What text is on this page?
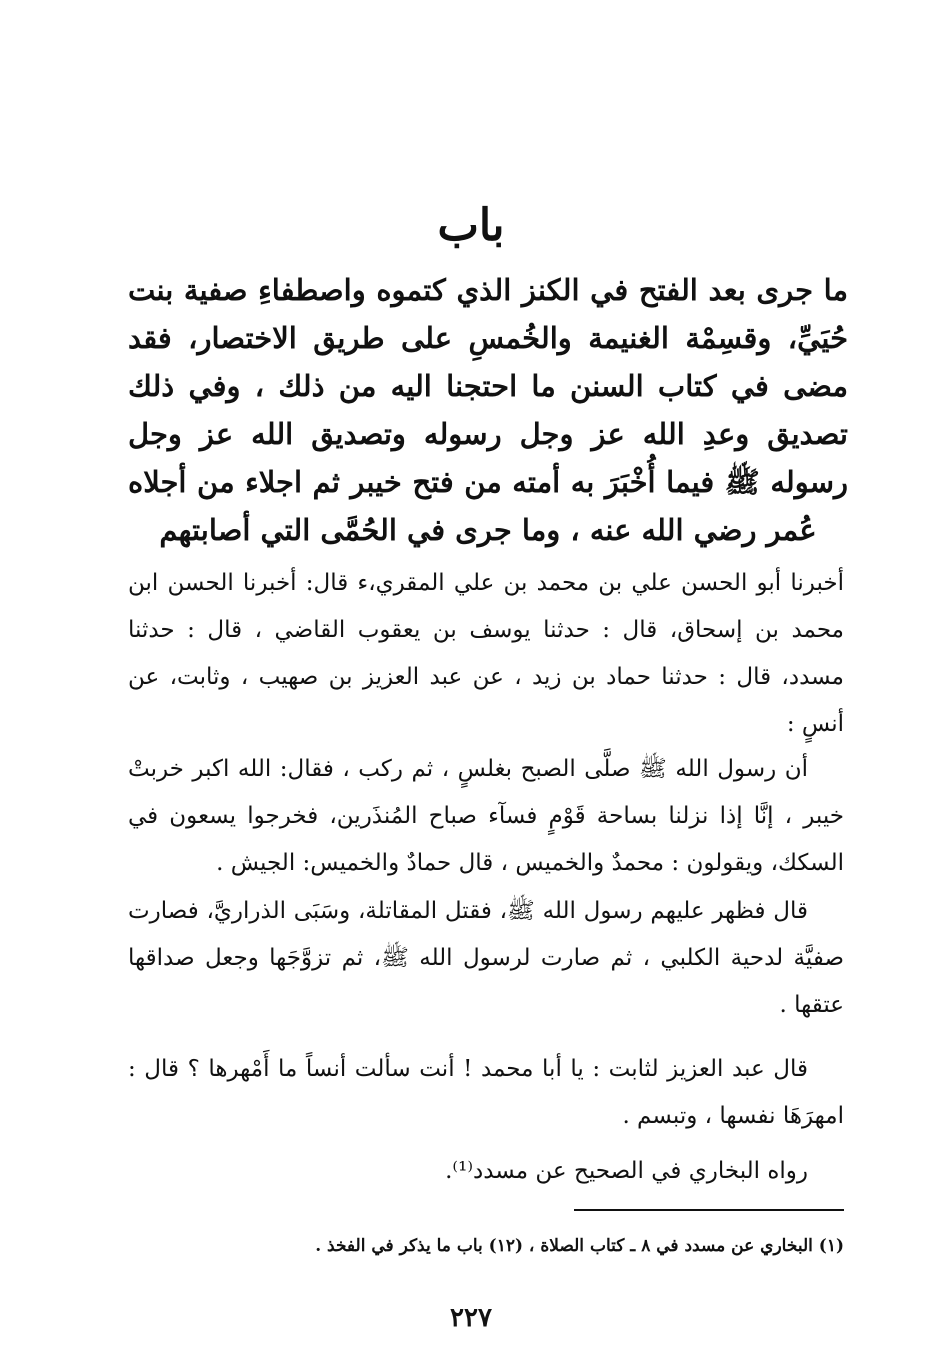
باب
ما جرى بعد الفتح في الكنز الذي كتموه واصطفاءِ صفية بنت حُيَيِّ، وقسِمْة الغنيمة والخُمسِ على طريق الاختصار، فقد مضى في كتاب السنن ما احتجنا اليه من ذلك ، وفي ذلك تصديق وعدِ الله عز وجل رسوله وتصديق الله عز وجل رسوله ﷺ فيما أُخْبَرَ به أمته من فتح خيبر ثم اجلاء من أجلاه عُمر رضي الله عنه ، وما جرى في الحُمَّى التي أصابتهم
أخبرنا أبو الحسن علي بن محمد بن علي المقري،ء قال: أخبرنا الحسن ابن محمد بن إسحاق، قال : حدثنا يوسف بن يعقوب القاضي ، قال : حدثنا مسدد، قال : حدثنا حماد بن زيد ، عن عبد العزيز بن صهيب ، وثابت، عن أنسٍ :
أن رسول الله ﷺ صلَّى الصبح بغلسٍ ، ثم ركب ، فقال: الله اكبر خربتْ خيبر ، إنَّا إذا نزلنا بساحة قَوْمٍ فسآء صباح المُنذَرين، فخرجوا يسعون في السكك، ويقولون : محمدٌ والخميس ، قال حمادٌ والخميس: الجيش .
قال فظهر عليهم رسول الله ﷺ، فقتل المقاتلة، وسَبَى الذراريَّ، فصارت صفيَّة لدحية الكلبي ، ثم صارت لرسول الله ﷺ، ثم تزوَّجَها وجعل صداقها عتقها .
قال عبد العزيز لثابت : يا أبا محمد ! أنت سألت أنساً ما أَمْهرها ؟ قال : امهرَهَا نفسها ، وتبسم .
رواه البخاري في الصحيح عن مسدد⁽¹⁾.
(١) البخاري عن مسدد في ٨ ـ كتاب الصلاة ، (١٢) باب ما يذكر في الفخذ .
٢٢٧
